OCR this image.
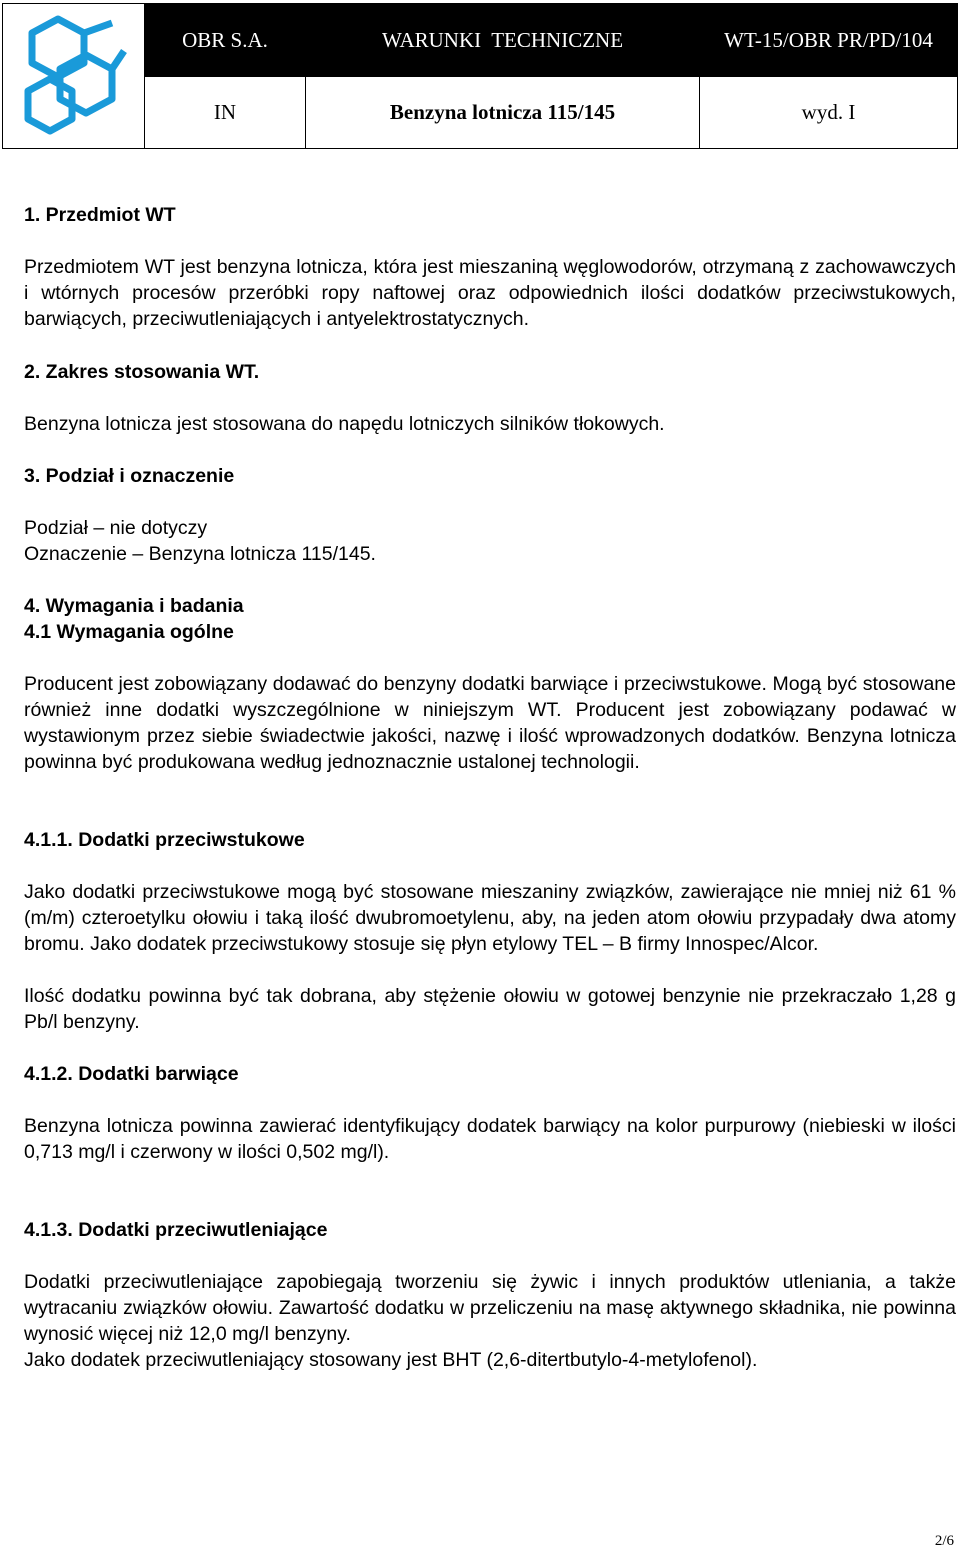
OBR S.A.	WARUNKI  TECHNICZNE	WT-15/OBR PR/PD/104
IN	Benzyna lotnicza 115/145	wyd. I

1. Przedmiot WT

Przedmiotem WT jest benzyna lotnicza, która jest mieszaniną węglowodorów, otrzymaną z zachowawczych i wtórnych procesów przeróbki ropy naftowej oraz odpowiednich ilości dodatków przeciwstukowych, barwiących, przeciwutleniających i antyelektrostatycznych.

2. Zakres stosowania WT.

Benzyna lotnicza jest stosowana do napędu lotniczych silników tłokowych.

3. Podział i oznaczenie

Podział – nie dotyczy

Oznaczenie – Benzyna lotnicza 115/145.

4. Wymagania i badania

4.1 Wymagania ogólne

Producent jest zobowiązany dodawać do benzyny dodatki barwiące i przeciwstukowe. Mogą być stosowane również inne dodatki wyszczególnione w niniejszym WT. Producent jest zobowiązany podawać w wystawionym przez siebie świadectwie jakości, nazwę i ilość wprowadzonych dodatków. Benzyna lotnicza powinna być produkowana według jednoznacznie ustalonej technologii.

4.1.1. Dodatki przeciwstukowe

Jako dodatki przeciwstukowe mogą być stosowane mieszaniny związków, zawierające nie mniej niż 61 % (m/m) czteroetylku ołowiu i taką ilość dwubromoetylenu, aby, na jeden atom ołowiu przypadały dwa atomy bromu. Jako dodatek przeciwstukowy stosuje się płyn etylowy TEL – B firmy Innospec/Alcor.

Ilość dodatku powinna być tak dobrana, aby stężenie ołowiu w gotowej benzynie nie przekraczało 1,28 g Pb/l benzyny.

4.1.2. Dodatki barwiące

Benzyna lotnicza powinna zawierać identyfikujący dodatek barwiący na kolor purpurowy (niebieski w ilości 0,713 mg/l i czerwony w ilości 0,502 mg/l).

4.1.3. Dodatki przeciwutleniające

Dodatki przeciwutleniające zapobiegają tworzeniu się żywic i innych produktów utleniania, a także wytracaniu związków ołowiu. Zawartość dodatku w przeliczeniu na masę aktywnego składnika, nie powinna wynosić więcej niż 12,0 mg/l benzyny.

Jako dodatek przeciwutleniający stosowany jest BHT (2,6-ditertbutylo-4-metylofenol).

2/6
